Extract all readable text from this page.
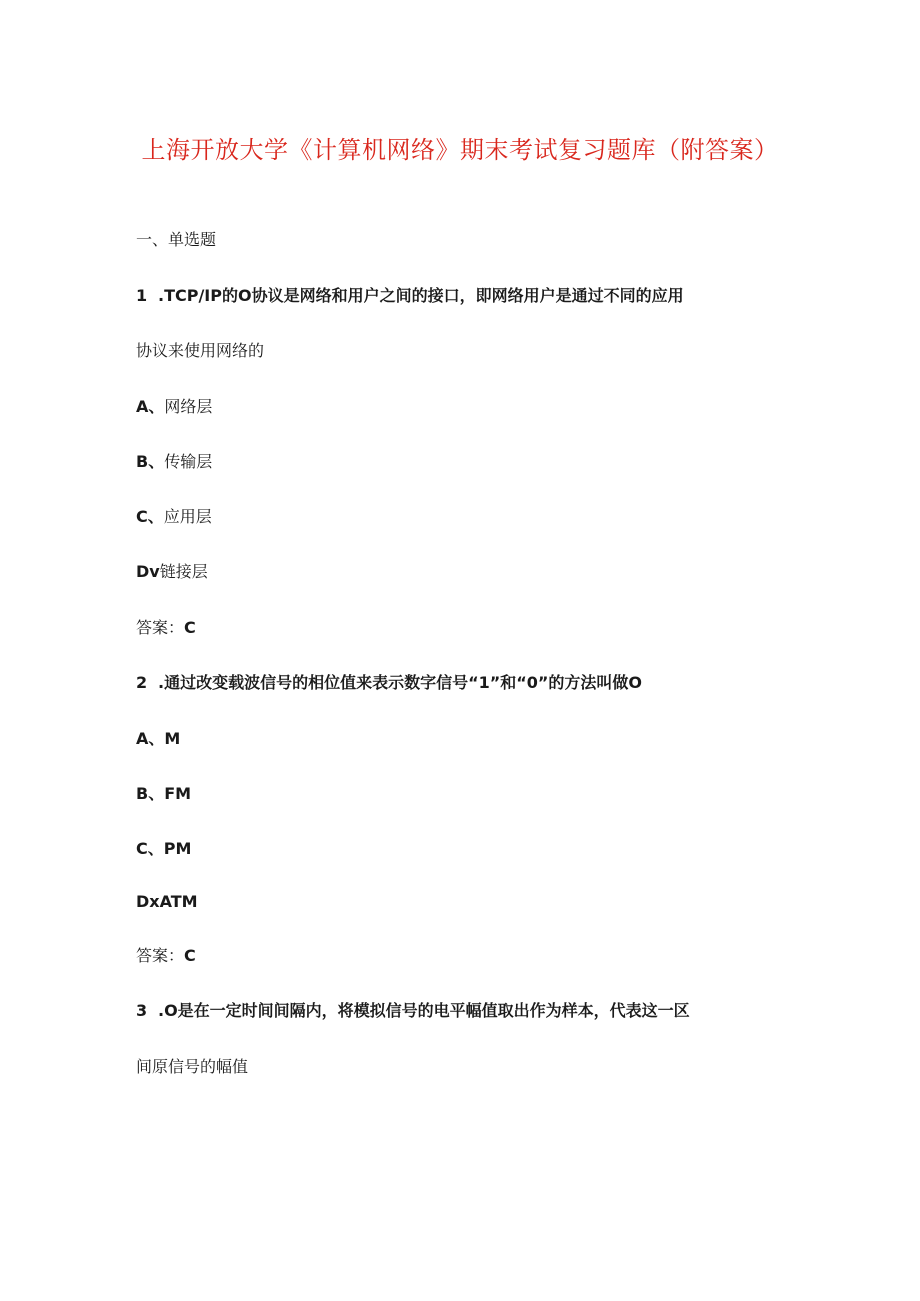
上海开放大学《计算机网络》期末考试复习题库（附答案）
一、单选题
1 .TCP/IP的O协议是网络和用户之间的接口，即网络用户是通过不同的应用
协议来使用网络的
A、网络层
B、传输层
C、应用层
Dv链接层
答案：C
2 .通过改变载波信号的相位值来表示数字信号“1”和“0”的方法叫做O
A、M
B、FM
C、PM
DxATM
答案：C
3 .O是在一定时间间隔内，将模拟信号的电平幅值取出作为样本，代表这一区
间原信号的幅值
